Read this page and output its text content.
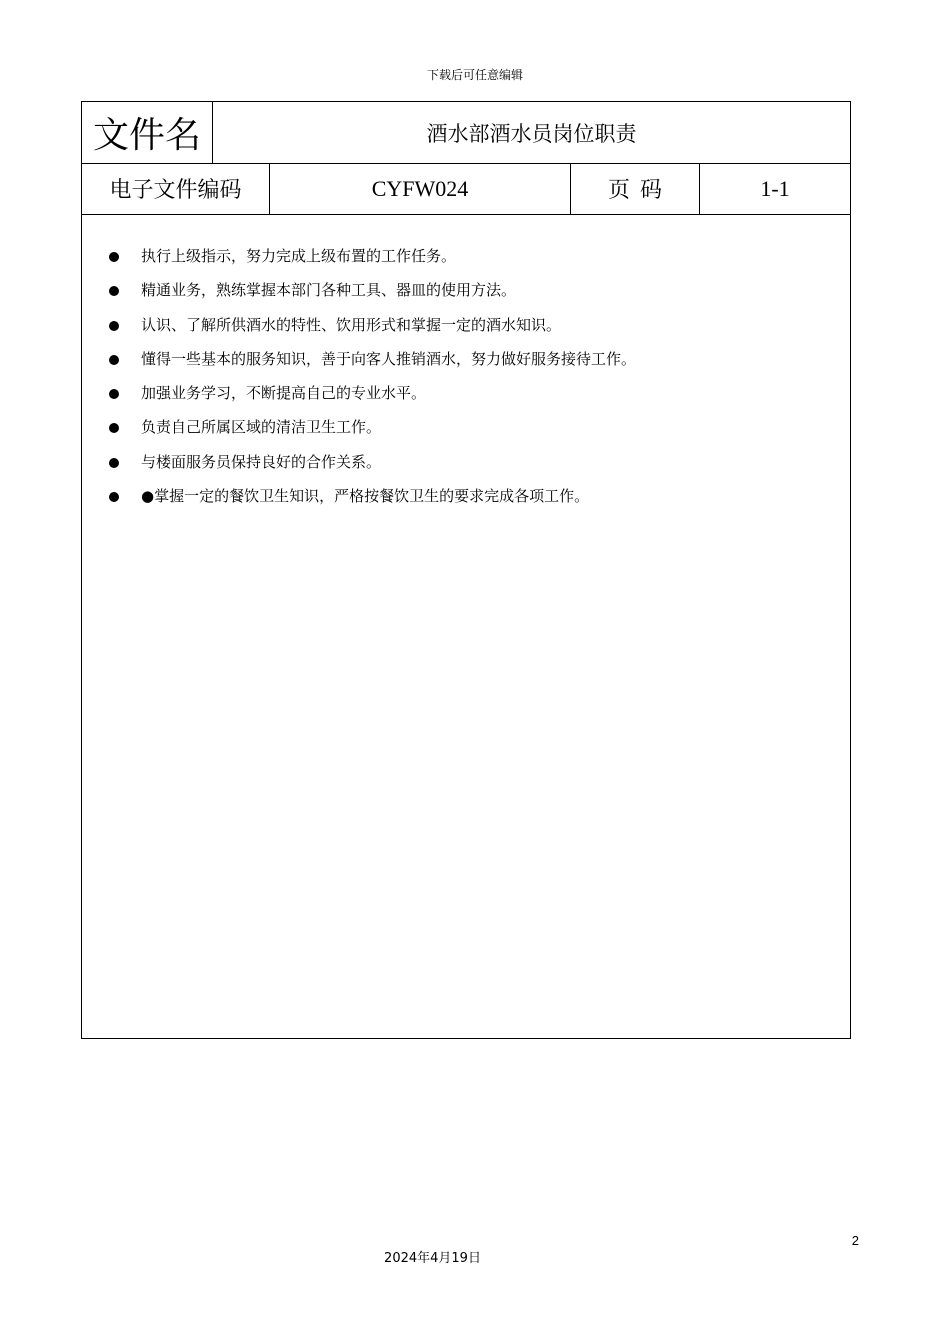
下载后可任意编辑
文件名	酒水部酒水员岗位职责
电子文件编码	CYFW024	页码	1-1
执行上级指示，努力完成上级布置的工作任务。
精通业务，熟练掌握本部门各种工具、器皿的使用方法。
认识、了解所供酒水的特性、饮用形式和掌握一定的酒水知识。
懂得一些基本的服务知识，善于向客人推销酒水，努力做好服务接待工作。
加强业务学习，不断提高自己的专业水平。
负责自己所属区域的清洁卫生工作。
与楼面服务员保持良好的合作关系。
●掌握一定的餐饮卫生知识，严格按餐饮卫生的要求完成各项工作。
2
2024年4月19日
